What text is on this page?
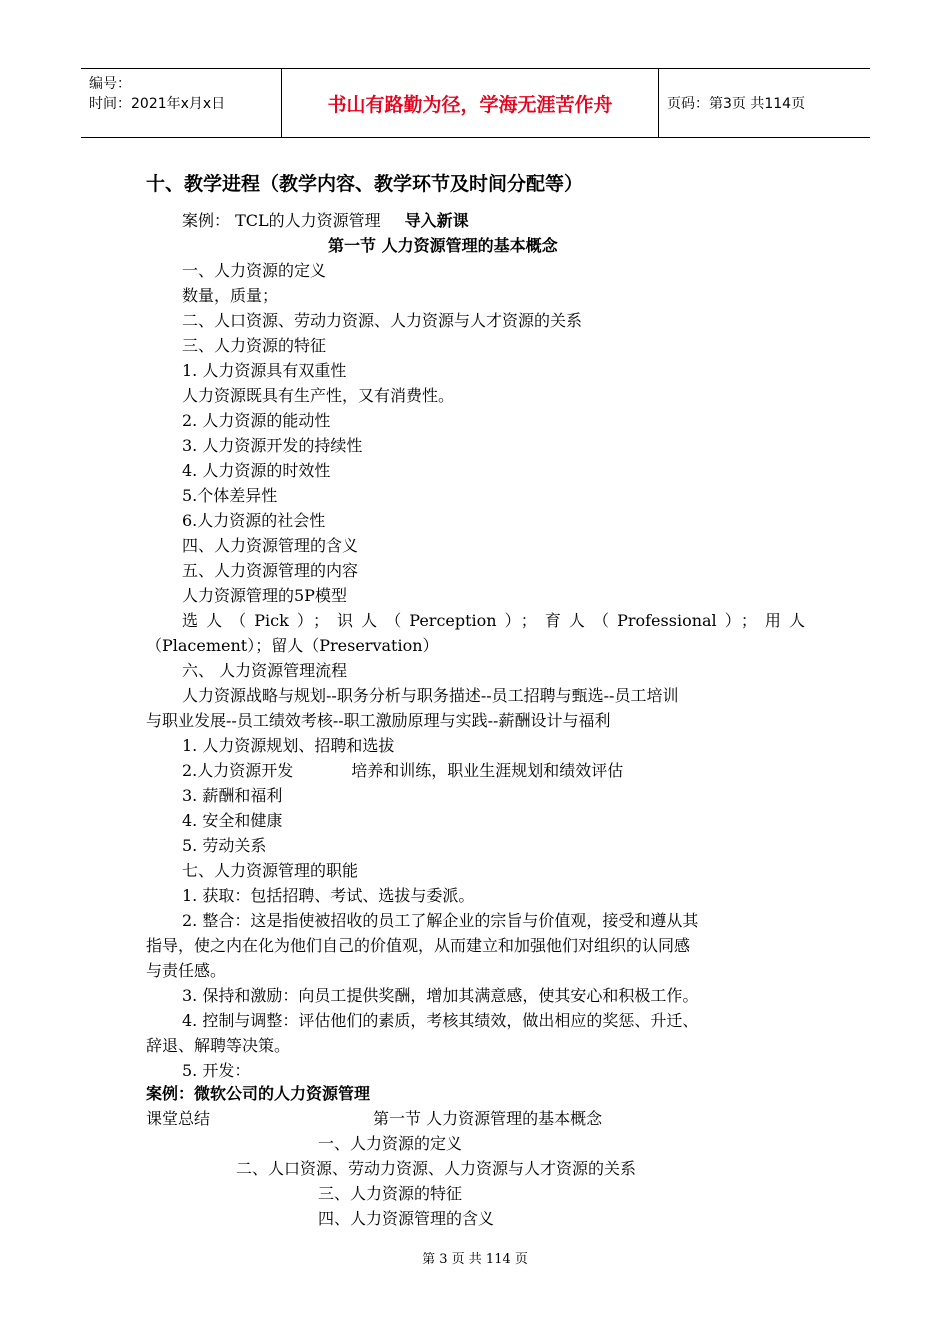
编号：
时间：2021年x月x日	书山有路勤为径，学海无涯苦作舟	页码：第3页 共114页
十、教学进程（教学内容、教学环节及时间分配等）
案例： TCL的人力资源管理 导入新课
第一节 人力资源管理的基本概念
一、人力资源的定义
数量，质量；
二、人口资源、劳动力资源、人力资源与人才资源的关系
三、人力资源的特征
1. 人力资源具有双重性
人力资源既具有生产性，又有消费性。
2. 人力资源的能动性
3. 人力资源开发的持续性
4. 人力资源的时效性
5.个体差异性
6.人力资源的社会性
四、人力资源管理的含义
五、人力资源管理的内容
人力资源管理的5P模型
选人（Pick）；识人（Perception）；育人（Professional）；用人
（Placement）；留人（Preservation）
六、 人力资源管理流程
人力资源战略与规划--职务分析与职务描述--员工招聘与甄选--员工培训
与职业发展--员工绩效考核--职工激励原理与实践--薪酬设计与福利
1. 人力资源规划、招聘和选拔
2.人力资源开发	培养和训练，职业生涯规划和绩效评估
3. 薪酬和福利
4. 安全和健康
5. 劳动关系
七、人力资源管理的职能
1. 获取：包括招聘、考试、选拔与委派。
2. 整合：这是指使被招收的员工了解企业的宗旨与价值观，接受和遵从其
指导，使之内在化为他们自己的价值观，从而建立和加强他们对组织的认同感
与责任感。
3. 保持和激励：向员工提供奖酬，增加其满意感，使其安心和积极工作。
4. 控制与调整：评估他们的素质，考核其绩效，做出相应的奖惩、升迁、
辞退、解聘等决策。
5. 开发：
案例：微软公司的人力资源管理
课堂总结	第一节 人力资源管理的基本概念
一、人力资源的定义
二、人口资源、劳动力资源、人力资源与人才资源的关系
三、人力资源的特征
四、人力资源管理的含义
第 3 页 共 114 页
